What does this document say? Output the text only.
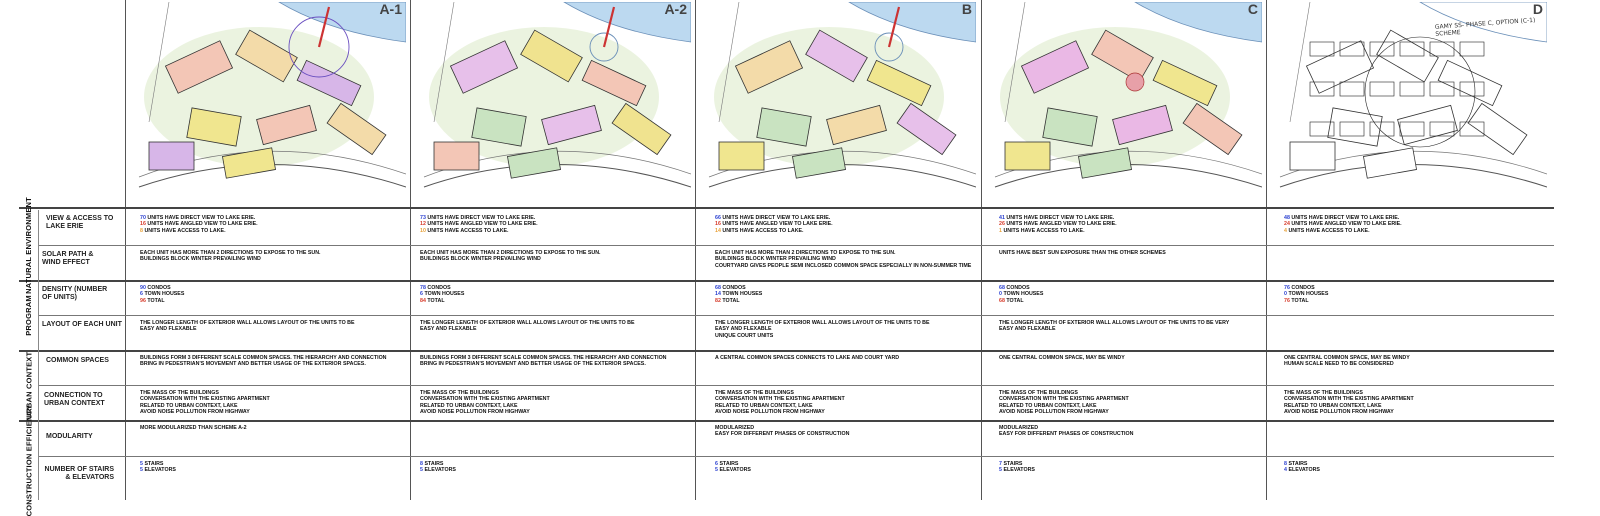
NATURAL ENVIRONMENT
PROGRAM
URBAN CONTEXT
CONSTRUCTION EFFICIENCY
VIEW & ACCESS TO LAKE ERIE
SOLAR PATH & WIND EFFECT
DENSITY (NUMBER OF UNITS)
LAYOUT OF EACH UNIT
COMMON SPACES
CONNECTION TO URBAN CONTEXT
MODULARITY
NUMBER OF STAIRS & ELEVATORS
A-1
70 UNITS HAVE DIRECT VIEW TO LAKE ERIE.
16 UNITS HAVE ANGLED VIEW TO LAKE ERIE.
8 UNITS HAVE ACCESS TO LAKE.
EACH UNIT HAS MORE THAN 2 DIRECTIONS TO EXPOSE TO THE SUN.
BUILDINGS BLOCK WINTER PREVAILING WIND
90 CONDOS
6 TOWN HOUSES
96 TOTAL
THE LONGER LENGTH OF EXTERIOR WALL ALLOWS LAYOUT OF THE UNITS TO BE
EASY AND FLEXABLE
BUILDINGS FORM 3 DIFFERENT SCALE COMMON SPACES. THE HIERARCHY AND CONNECTION
BRING IN PEDESTRIAN'S MOVEMENT AND BETTER USAGE OF THE EXTERIOR SPACES.
THE MASS OF THE BUILDINGS
CONVERSATION WITH THE EXISTING APARTMENT
RELATED TO URBAN CONTEXT, LAKE
AVOID NOISE POLLUTION FROM HIGHWAY
MORE MODULARIZED THAN SCHEME A-2
5 STAIRS
5 ELEVATORS
A-2
73 UNITS HAVE DIRECT VIEW TO LAKE ERIE.
12 UNITS HAVE ANGLED VIEW TO LAKE ERIE.
10 UNITS HAVE ACCESS TO LAKE.
EACH UNIT HAS MORE THAN 2 DIRECTIONS TO EXPOSE TO THE SUN.
BUILDINGS BLOCK WINTER PREVAILING WIND
78 CONDOS
6 TOWN HOUSES
84 TOTAL
THE LONGER LENGTH OF EXTERIOR WALL ALLOWS LAYOUT OF THE UNITS TO BE
EASY AND FLEXABLE
BUILDINGS FORM 3 DIFFERENT SCALE COMMON SPACES. THE HIERARCHY AND CONNECTION
BRING IN PEDESTRIAN'S MOVEMENT AND BETTER USAGE OF THE EXTERIOR SPACES.
THE MASS OF THE BUILDINGS
CONVERSATION WITH THE EXISTING APARTMENT
RELATED TO URBAN CONTEXT, LAKE
AVOID NOISE POLLUTION FROM HIGHWAY
8 STAIRS
5 ELEVATORS
B
66 UNITS HAVE DIRECT VIEW TO LAKE ERIE.
16 UNITS HAVE ANGLED VIEW TO LAKE ERIE.
14 UNITS HAVE ACCESS TO LAKE.
EACH UNIT HAS MORE THAN 2 DIRECTIONS TO EXPOSE TO THE SUN.
BUILDINGS BLOCK WINTER PREVAILING WIND
COURTYARD GIVES PEOPLE SEMI INCLOSED COMMON SPACE ESPECIALLY IN NON-SUMMER TIME
68 CONDOS
14 TOWN HOUSES
82 TOTAL
THE LONGER LENGTH OF EXTERIOR WALL ALLOWS LAYOUT OF THE UNITS TO BE
EASY AND FLEXABLE
UNIQUE COURT UNITS
A CENTRAL COMMON SPACES CONNECTS TO LAKE AND COURT YARD
THE MASS OF THE BUILDINGS
CONVERSATION WITH THE EXISTING APARTMENT
RELATED TO URBAN CONTEXT, LAKE
AVOID NOISE POLLUTION FROM HIGHWAY
MODULARIZED
EASY FOR DIFFERENT PHASES OF CONSTRUCTION
6 STAIRS
5 ELEVATORS
C
41 UNITS HAVE DIRECT VIEW TO LAKE ERIE.
26 UNITS HAVE ANGLED VIEW TO LAKE ERIE.
1 UNITS HAVE ACCESS TO LAKE.
UNITS HAVE BEST SUN EXPOSURE THAN THE OTHER SCHEMES
68 CONDOS
0 TOWN HOUSES
68 TOTAL
THE LONGER LENGTH OF EXTERIOR WALL ALLOWS LAYOUT OF THE UNITS TO BE VERY
EASY AND FLEXABLE
ONE CENTRAL COMMON SPACE, MAY BE WINDY
THE MASS OF THE BUILDINGS
CONVERSATION WITH THE EXISTING APARTMENT
RELATED TO URBAN CONTEXT, LAKE
AVOID NOISE POLLUTION FROM HIGHWAY
MODULARIZED
EASY FOR DIFFERENT PHASES OF CONSTRUCTION
7 STAIRS
5 ELEVATORS
D
48 UNITS HAVE DIRECT VIEW TO LAKE ERIE.
24 UNITS HAVE ANGLED VIEW TO LAKE ERIE.
4 UNITS HAVE ACCESS TO LAKE.
76 CONDOS
0 TOWN HOUSES
76 TOTAL
ONE CENTRAL COMMON SPACE, MAY BE WINDY
HUMAN SCALE NEED TO BE CONSIDERED
THE MASS OF THE BUILDINGS
CONVERSATION WITH THE EXISTING APARTMENT
RELATED TO URBAN CONTEXT, LAKE
AVOID NOISE POLLUTION FROM HIGHWAY
8 STAIRS
4 ELEVATORS
GAMY SS- PHASE C, OPTION (C-1) SCHEME
